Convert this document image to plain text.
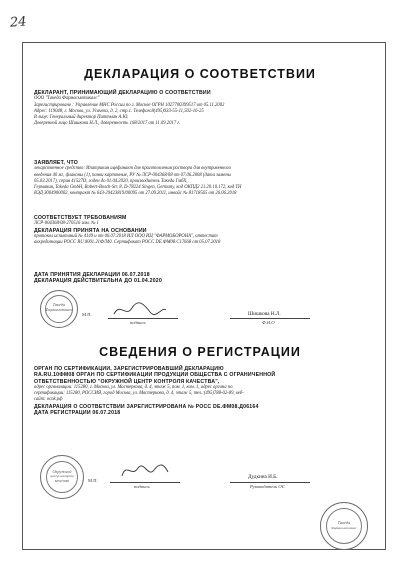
24
ДЕКЛАРАЦИЯ О СООТВЕТСТВИИ
ДЕКЛАРАНТ, ПРИНИМАЮЩИЙ ДЕКЛАРАЦИЮ О СООТВЕТСТВИИ
ООО "Такеда Фармасьютикалс"
Зарегистрировано : Управление МНС России по г. Москве ОГРН 1027700399517 от 05.11.2002
Адрес: 119048, г. Москва, ул. Усачева, д. 2, стр.1. Телефон:8(495)933-55-11,502-16-25
В лице: Генеральный директор Питтман А.Ю.
Доверенной лицо Шишкова Н.Л., доверенность 168/2017 от 11.09.2017 г.
ЗАЯВЛЯЕТ, ЧТО
лекарственное средство: Ипатрикин ацефинакт для приготовления раствора для внутривенного
введения 40 мг, флаконы (1), пачки картонные, РУ № ЛСР-004368/08 от 07.06.2008 (дата замены
05.03.2017), серия 41527D, годен до 01.04.2020, производитель Такеда ГмбХ,
Германия, Takeda GmbH, Robert-Bosch-Str. 8, D-78224 Singen, Germany, код ОКПД2 21.20.10.172, код ТН
ВЭД 3004900002, контракт № 643-29423819/00095 от 27.09.2011, инвойс № 81718565 от 26.06.2018
СООТВЕТСТВУЕТ ТРЕБОВАНИЯМ
ЛСР-004368/08-270516 изм. № 1
ДЕКЛАРАЦИЯ ПРИНЯТА НА ОСНОВАНИИ
протокол испытаний № 4149 и от 06.07.2018 ИЛ ООО ИЦ "ФАРМОБОРОНА", аттестат
аккредитации РОСС RU.0001.21ФЛ40. Сертификат РОСС DE.ФМ08.С17668 от 05.07.2018
ДАТА ПРИНЯТИЯ ДЕКЛАРАЦИИ 06.07.2018
ДЕКЛАРАЦИЯ ДЕЙСТВИТЕЛЬНА ДО 01.04.2020
Такеда
Фармасьютикалс
М.П.
подпись
Шишкова Н.Л.
Ф.И.О
СВЕДЕНИЯ О РЕГИСТРАЦИИ
ОРГАН ПО СЕРТИФИКАЦИИ, ЗАРЕГИСТРИРОВАВШИЙ ДЕКЛАРАЦИЮ
RA.RU.10ФМ08 ОРГАН ПО СЕРТИФИКАЦИИ ПРОДУКЦИИ ОБЩЕСТВА С ОГРАНИЧЕННОЙ
ОТВЕТСТВЕННОСТЬЮ "ОКРУЖНОЙ ЦЕНТР КОНТРОЛЯ КАЧЕСТВА",
адрес организации: 115280, г. Москва, ул. Мастеркова, д. 4, этаж 5, пом. 1, ком. 1, адрес органа по
сертификации: 115280, РОССИЯ, город Москва, ул. Мастеркова, д. 4, этаж 5, тел.:(495)788-02-89, веб-
сайт: ocnk.pф
ДЕКЛАРАЦИЯ О СООТВЕТСТВИИ ЗАРЕГИСТРИРОВАНА № РОСС DE.ФМ08.Д06164
ДАТА РЕГИСТРАЦИИ 06.07.2018
Окружной
центр контроля
качества	М.П.
подпись
Дудкина И.Б.
Руководитель ОС
Такеда
Фармасьютикалс
